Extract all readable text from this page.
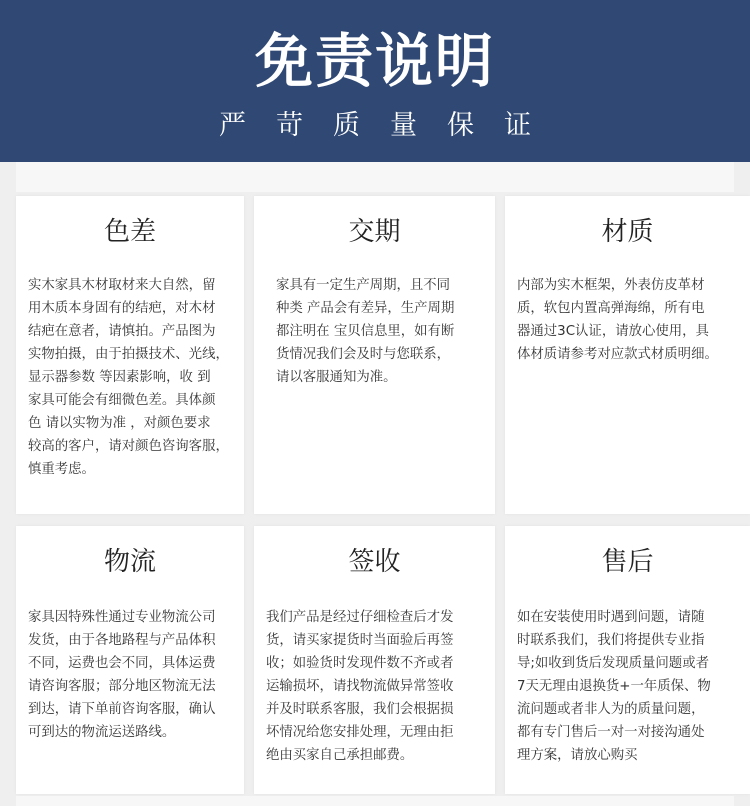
免责说明
严苛质量保证
色差
实木家具木材取材来大自然，留
用木质本身固有的结疤，对木材
结疤在意者，请慎拍。产品图为
实物拍摄，由于拍摄技术、光线，
显示器参数 等因素影响，收 到
家具可能会有细微色差。具体颜
色 请以实物为准 ，对颜色要求
较高的客户，请对颜色咨询客服，
慎重考虑。
交期
家具有一定生产周期，且不同
种类 产品会有差异，生产周期
都注明在 宝贝信息里，如有断
货情况我们会及时与您联系，
请以客服通知为准。
材质
内部为实木框架，外表仿皮革材
质，软包内置高弹海绵，所有电
器通过3C认证，请放心使用，具
体材质请参考对应款式材质明细。
物流
家具因特殊性通过专业物流公司
发货，由于各地路程与产品体积
不同，运费也会不同，具体运费
请咨询客服；部分地区物流无法
到达，请下单前咨询客服，确认
可到达的物流运送路线。
签收
我们产品是经过仔细检查后才发
货，请买家提货时当面验后再签
收；如验货时发现件数不齐或者
运输损坏，请找物流做异常签收
并及时联系客服，我们会根据损
坏情况给您安排处理，无理由拒
绝由买家自己承担邮费。
售后
如在安装使用时遇到问题，请随
时联系我们，我们将提供专业指
导;如收到货后发现质量问题或者
7天无理由退换货+一年质保、物
流问题或者非人为的质量问题，
都有专门售后一对一对接沟通处
理方案，请放心购买
